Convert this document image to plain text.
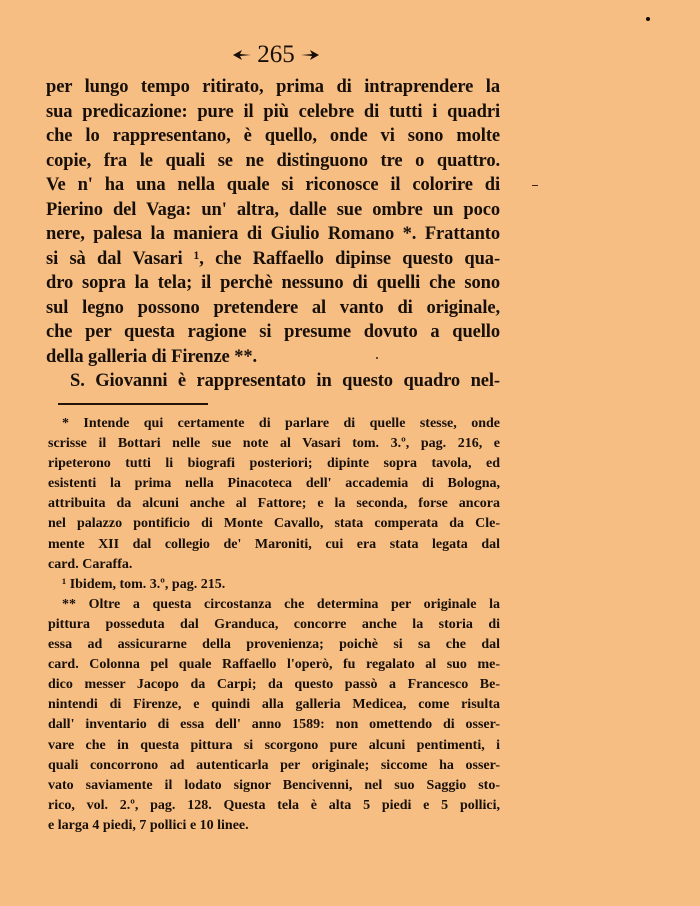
265
per lungo tempo ritirato, prima di intraprendere la
sua predicazione: pure il più celebre di tutti i quadri
che lo rappresentano, è quello, onde vi sono molte
copie, fra le quali se ne distinguono tre o quattro.
Ve n' ha una nella quale si riconosce il colorire di
Pierino del Vaga: un' altra, dalle sue ombre un poco
nere, palesa la maniera di Giulio Romano *. Frattanto
si sà dal Vasari ¹, che Raffaello dipinse questo qua-
dro sopra la tela; il perchè nessuno di quelli che sono
sul legno possono pretendere al vanto di originale,
che per questa ragione si presume dovuto a quello
della galleria di Firenze **.
S. Giovanni è rappresentato in questo quadro nel-
* Intende qui certamente di parlare di quelle stesse, onde
scrisse il Bottari nelle sue note al Vasari tom. 3.º, pag. 216, e
ripeterono tutti li biografi posteriori; dipinte sopra tavola, ed
esistenti la prima nella Pinacoteca dell' accademia di Bologna,
attribuita da alcuni anche al Fattore; e la seconda, forse ancora
nel palazzo pontificio di Monte Cavallo, stata comperata da Cle-
mente XII dal collegio de' Maroniti, cui era stata legata dal
card. Caraffa.
¹ Ibidem, tom. 3.º, pag. 215.
** Oltre a questa circostanza che determina per originale la
pittura posseduta dal Granduca, concorre anche la storia di
essa ad assicurarne della provenienza; poichè si sa che dal
card. Colonna pel quale Raffaello l'operò, fu regalato al suo me-
dico messer Jacopo da Carpi; da questo passò a Francesco Be-
nintendi di Firenze, e quindi alla galleria Medicea, come risulta
dall' inventario di essa dell' anno 1589: non omettendo di osser-
vare che in questa pittura si scorgono pure alcuni pentimenti, i
quali concorrono ad autenticarla per originale; siccome ha osser-
vato saviamente il lodato signor Bencivenni, nel suo Saggio sto-
rico, vol. 2.º, pag. 128. Questa tela è alta 5 piedi e 5 pollici,
e larga 4 piedi, 7 pollici e 10 linee.
